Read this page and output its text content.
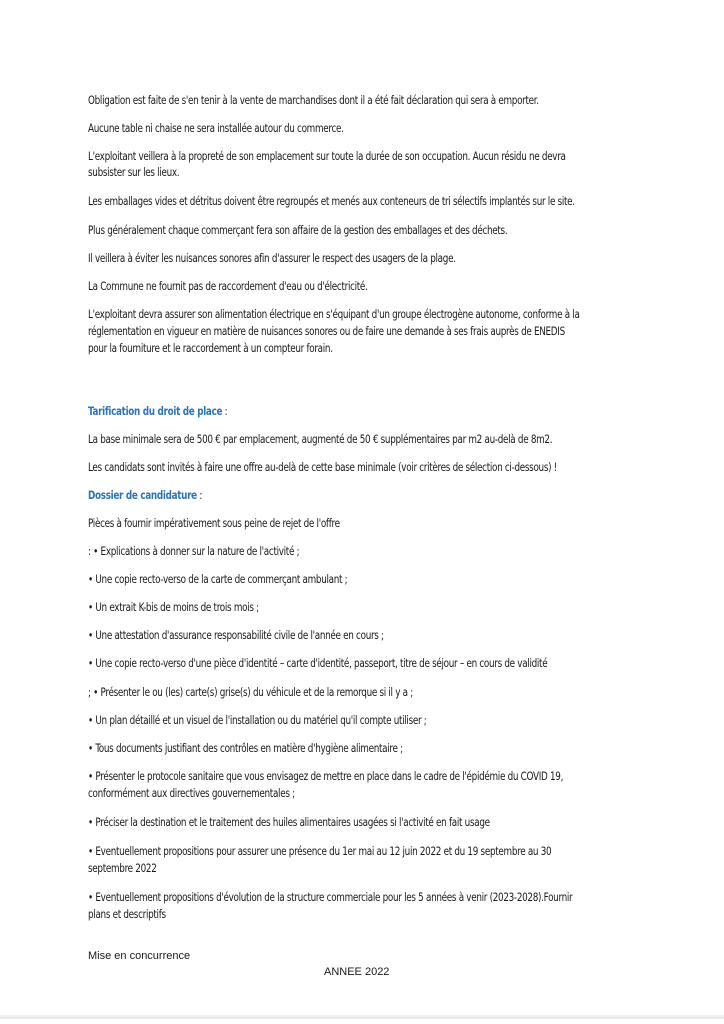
Obligation est faite de s'en tenir à la vente de marchandises dont il a été fait déclaration qui sera à emporter.
Aucune table ni chaise ne sera installée autour du commerce.
L'exploitant veillera à la propreté de son emplacement sur toute la durée de son occupation. Aucun résidu ne devra
subsister sur les lieux.
Les emballages vides et détritus doivent être regroupés et menés aux conteneurs de tri sélectifs implantés sur le site.
Plus généralement chaque commerçant fera son affaire de la gestion des emballages et des déchets.
Il veillera à éviter les nuisances sonores afin d'assurer le respect des usagers de la plage.
La Commune ne fournit pas de raccordement d'eau ou d'électricité.
L'exploitant devra assurer son alimentation électrique en s'équipant d'un groupe électrogène autonome, conforme à la
réglementation en vigueur en matière de nuisances sonores ou de faire une demande à ses frais auprès de ENEDIS
pour la fourniture et le raccordement à un compteur forain.
Tarification du droit de place :
La base minimale sera de 500 € par emplacement, augmenté de 50 € supplémentaires par m2 au-delà de 8m2.
Les candidats sont invités à faire une offre au-delà de cette base minimale (voir critères de sélection ci-dessous) !
Dossier de candidature :
Pièces à fournir impérativement sous peine de rejet de l'offre
: • Explications à donner sur la nature de l'activité ;
• Une copie recto-verso de la carte de commerçant ambulant ;
• Un extrait K-bis de moins de trois mois ;
• Une attestation d'assurance responsabilité civile de l'année en cours ;
• Une copie recto-verso d'une pièce d'identité – carte d'identité, passeport, titre de séjour – en cours de validité
; • Présenter le ou (les) carte(s) grise(s) du véhicule et de la remorque si il y a ;
• Un plan détaillé et un visuel de l'installation ou du matériel qu'il compte utiliser ;
• Tous documents justifiant des contrôles en matière d'hygiène alimentaire ;
• Présenter le protocole sanitaire que vous envisagez de mettre en place dans le cadre de l'épidémie du COVID 19,
conformément aux directives gouvernementales ;
• Préciser la destination et le traitement des huiles alimentaires usagées si l'activité en fait usage
• Eventuellement propositions pour assurer une présence du 1er mai au 12 juin 2022 et du 19 septembre au 30
septembre 2022
• Eventuellement propositions d'évolution de la structure commerciale pour les 5 années à venir (2023-2028).Fournir
plans et descriptifs
Mise en concurrence
ANNEE 2022
